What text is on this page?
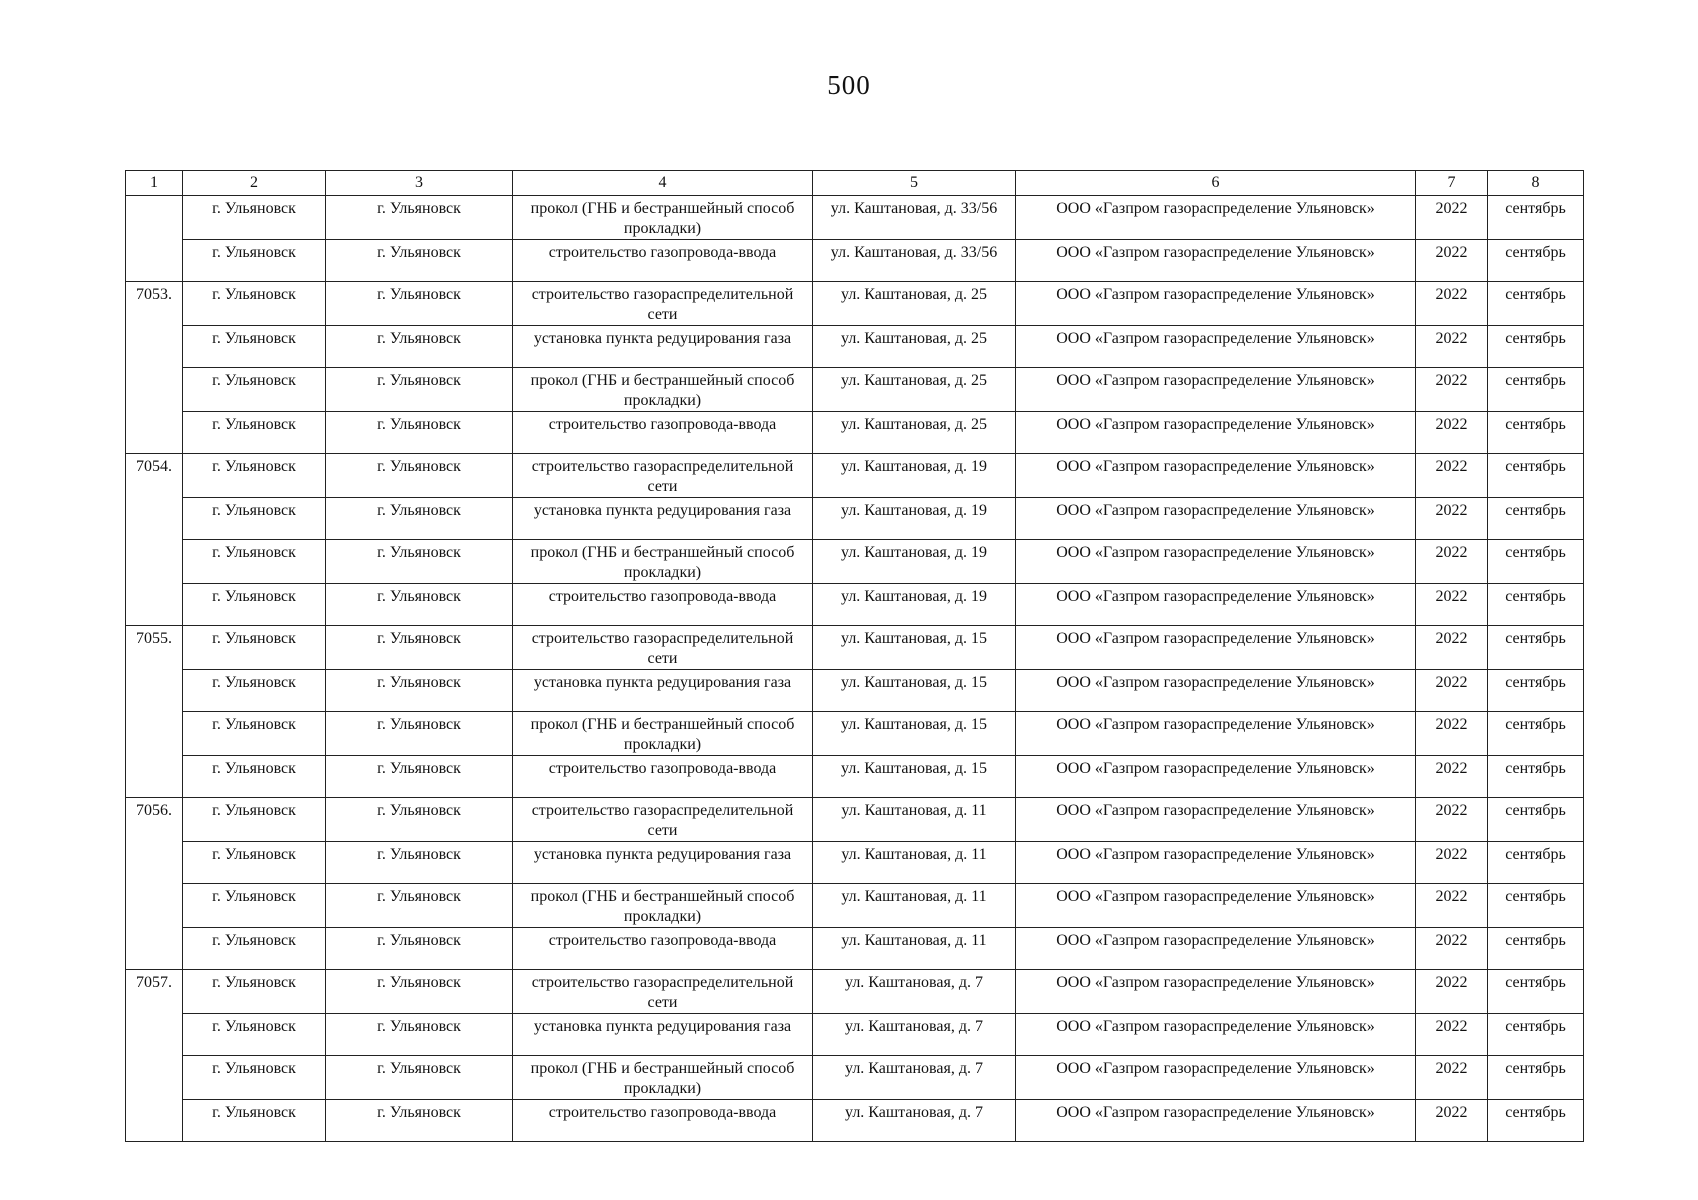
500
1	2	3	4	5	6	7	8
	г. Ульяновск	г. Ульяновск	прокол (ГНБ и бестраншейный способ прокладки)	ул. Каштановая, д. 33/56	ООО «Газпром газораспределение Ульяновск»	2022	сентябрь
	г. Ульяновск	г. Ульяновск	строительство газопровода-ввода	ул. Каштановая, д. 33/56	ООО «Газпром газораспределение Ульяновск»	2022	сентябрь
7053.	г. Ульяновск	г. Ульяновск	строительство газораспределительной сети	ул. Каштановая, д. 25	ООО «Газпром газораспределение Ульяновск»	2022	сентябрь
	г. Ульяновск	г. Ульяновск	установка пункта редуцирования газа	ул. Каштановая, д. 25	ООО «Газпром газораспределение Ульяновск»	2022	сентябрь
	г. Ульяновск	г. Ульяновск	прокол (ГНБ и бестраншейный способ прокладки)	ул. Каштановая, д. 25	ООО «Газпром газораспределение Ульяновск»	2022	сентябрь
	г. Ульяновск	г. Ульяновск	строительство газопровода-ввода	ул. Каштановая, д. 25	ООО «Газпром газораспределение Ульяновск»	2022	сентябрь
7054.	г. Ульяновск	г. Ульяновск	строительство газораспределительной сети	ул. Каштановая, д. 19	ООО «Газпром газораспределение Ульяновск»	2022	сентябрь
	г. Ульяновск	г. Ульяновск	установка пункта редуцирования газа	ул. Каштановая, д. 19	ООО «Газпром газораспределение Ульяновск»	2022	сентябрь
	г. Ульяновск	г. Ульяновск	прокол (ГНБ и бестраншейный способ прокладки)	ул. Каштановая, д. 19	ООО «Газпром газораспределение Ульяновск»	2022	сентябрь
	г. Ульяновск	г. Ульяновск	строительство газопровода-ввода	ул. Каштановая, д. 19	ООО «Газпром газораспределение Ульяновск»	2022	сентябрь
7055.	г. Ульяновск	г. Ульяновск	строительство газораспределительной сети	ул. Каштановая, д. 15	ООО «Газпром газораспределение Ульяновск»	2022	сентябрь
	г. Ульяновск	г. Ульяновск	установка пункта редуцирования газа	ул. Каштановая, д. 15	ООО «Газпром газораспределение Ульяновск»	2022	сентябрь
	г. Ульяновск	г. Ульяновск	прокол (ГНБ и бестраншейный способ прокладки)	ул. Каштановая, д. 15	ООО «Газпром газораспределение Ульяновск»	2022	сентябрь
	г. Ульяновск	г. Ульяновск	строительство газопровода-ввода	ул. Каштановая, д. 15	ООО «Газпром газораспределение Ульяновск»	2022	сентябрь
7056.	г. Ульяновск	г. Ульяновск	строительство газораспределительной сети	ул. Каштановая, д. 11	ООО «Газпром газораспределение Ульяновск»	2022	сентябрь
	г. Ульяновск	г. Ульяновск	установка пункта редуцирования газа	ул. Каштановая, д. 11	ООО «Газпром газораспределение Ульяновск»	2022	сентябрь
	г. Ульяновск	г. Ульяновск	прокол (ГНБ и бестраншейный способ прокладки)	ул. Каштановая, д. 11	ООО «Газпром газораспределение Ульяновск»	2022	сентябрь
	г. Ульяновск	г. Ульяновск	строительство газопровода-ввода	ул. Каштановая, д. 11	ООО «Газпром газораспределение Ульяновск»	2022	сентябрь
7057.	г. Ульяновск	г. Ульяновск	строительство газораспределительной сети	ул. Каштановая, д. 7	ООО «Газпром газораспределение Ульяновск»	2022	сентябрь
	г. Ульяновск	г. Ульяновск	установка пункта редуцирования газа	ул. Каштановая, д. 7	ООО «Газпром газораспределение Ульяновск»	2022	сентябрь
	г. Ульяновск	г. Ульяновск	прокол (ГНБ и бестраншейный способ прокладки)	ул. Каштановая, д. 7	ООО «Газпром газораспределение Ульяновск»	2022	сентябрь
	г. Ульяновск	г. Ульяновск	строительство газопровода-ввода	ул. Каштановая, д. 7	ООО «Газпром газораспределение Ульяновск»	2022	сентябрь
